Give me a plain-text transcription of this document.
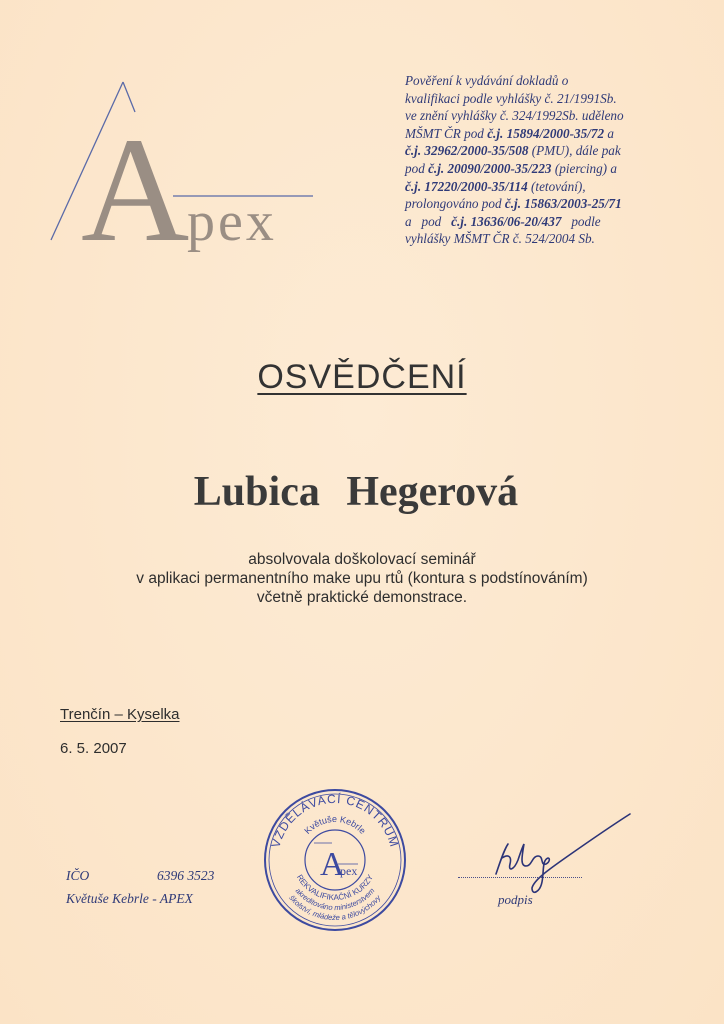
A
pex
Pověření k vydávání dokladů o
kvalifikaci podle vyhlášky č. 21/1991Sb.
ve znění vyhlášky č. 324/1992Sb. uděleno
MŠMT ČR pod č.j. 15894/2000-35/72 a
č.j. 32962/2000-35/508 (PMU), dále pak
pod č.j. 20090/2000-35/223 (piercing) a
č.j. 17220/2000-35/114 (tetování),
prolongováno pod č.j. 15863/2003-25/71
a   pod   č.j. 13636/06-20/437   podle
vyhlášky MŠMT ČR č. 524/2004 Sb.
OSVĚDČENÍ
Lubica Hegerová
absolvovala doškolovací seminář
v aplikaci permanentního make upu rtů (kontura s podstínováním)
včetně praktické demonstrace.
Trenčín – Kyselka
6. 5. 2007
IČO	6396 3523
Květuše Kebrle - APEX
VZDĚLÁVACÍ CENTRUM
Květuše Kebrle
A
pex
REKVALIFIKAČNÍ KURZY
akreditováno ministerstvem
školství, mládeže a tělovýchovy	podpis
